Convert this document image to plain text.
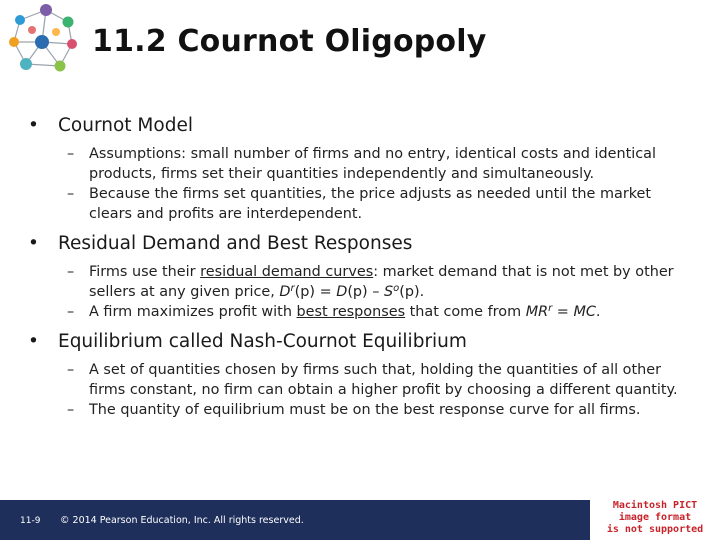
11.2 Cournot Oligopoly
• Cournot Model
– Assumptions: small number of firms and no entry, identical costs and identical products, firms set their quantities independently and simultaneously.
– Because the firms set quantities, the price adjusts as needed until the market clears and profits are interdependent.
• Residual Demand and Best Responses
– Firms use their residual demand curves: market demand that is not met by other sellers at any given price, $D^r(p) = D(p) - S^o(p)$.
– A firm maximizes profit with best responses that come from $MR^r$ = MC.
• Equilibrium called Nash-Cournot Equilibrium
– A set of quantities chosen by firms such that, holding the quantities of all other firms constant, no firm can obtain a higher profit by choosing a different quantity.
– The quantity of equilibrium must be on the best response curve for all firms.
11-9 © 2014 Pearson Education, Inc. All rights reserved.
Macintosh PICT
image format
is not supported
